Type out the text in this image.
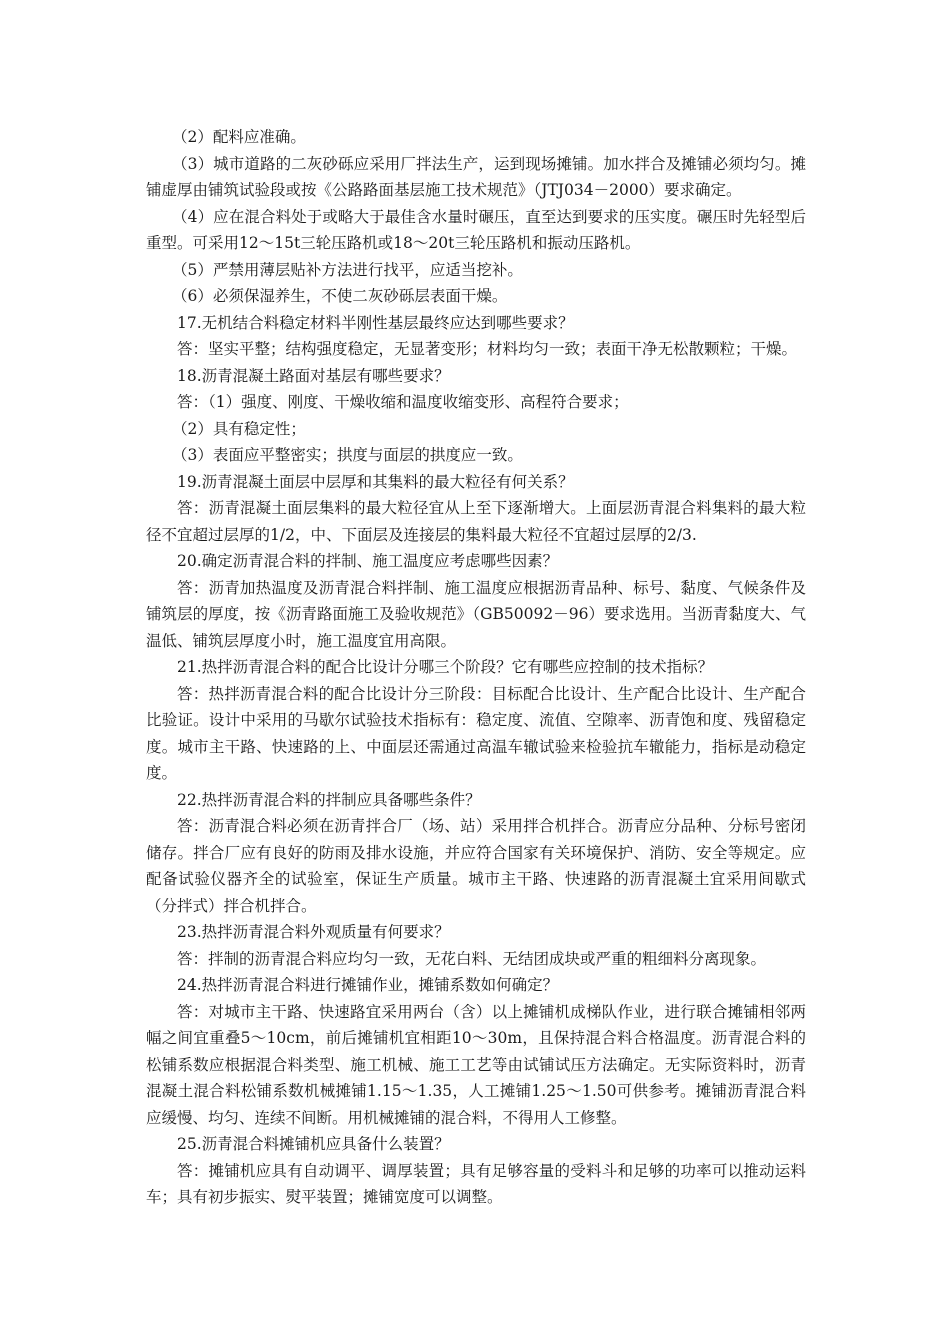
（2）配料应准确。

（3）城市道路的二灰砂砾应采用厂拌法生产，运到现场摊铺。加水拌合及摊铺必须均匀。摊铺虚厚由铺筑试验段或按《公路路面基层施工技术规范》（JTJ034－2000）要求确定。

（4）应在混合料处于或略大于最佳含水量时碾压，直至达到要求的压实度。碾压时先轻型后重型。可采用12～15t三轮压路机或18～20t三轮压路机和振动压路机。

（5）严禁用薄层贴补方法进行找平，应适当挖补。

（6）必须保湿养生，不使二灰砂砾层表面干燥。

17.无机结合料稳定材料半刚性基层最终应达到哪些要求？

答：坚实平整；结构强度稳定，无显著变形；材料均匀一致；表面干净无松散颗粒；干燥。

18.沥青混凝土路面对基层有哪些要求？

答：（1）强度、刚度、干燥收缩和温度收缩变形、高程符合要求；

（2）具有稳定性；

（3）表面应平整密实；拱度与面层的拱度应一致。

19.沥青混凝土面层中层厚和其集料的最大粒径有何关系？

答：沥青混凝土面层集料的最大粒径宜从上至下逐渐增大。上面层沥青混合料集料的最大粒径不宜超过层厚的1/2，中、下面层及连接层的集料最大粒径不宜超过层厚的2/3.

20.确定沥青混合料的拌制、施工温度应考虑哪些因素？

答：沥青加热温度及沥青混合料拌制、施工温度应根据沥青品种、标号、黏度、气候条件及铺筑层的厚度，按《沥青路面施工及验收规范》（GB50092－96）要求选用。当沥青黏度大、气温低、铺筑层厚度小时，施工温度宜用高限。

21.热拌沥青混合料的配合比设计分哪三个阶段？它有哪些应控制的技术指标？

答：热拌沥青混合料的配合比设计分三阶段：目标配合比设计、生产配合比设计、生产配合比验证。设计中采用的马歇尔试验技术指标有：稳定度、流值、空隙率、沥青饱和度、残留稳定度。城市主干路、快速路的上、中面层还需通过高温车辙试验来检验抗车辙能力，指标是动稳定度。

22.热拌沥青混合料的拌制应具备哪些条件？

答：沥青混合料必须在沥青拌合厂（场、站）采用拌合机拌合。沥青应分品种、分标号密闭储存。拌合厂应有良好的防雨及排水设施，并应符合国家有关环境保护、消防、安全等规定。应配备试验仪器齐全的试验室，保证生产质量。城市主干路、快速路的沥青混凝土宜采用间歇式（分拌式）拌合机拌合。

23.热拌沥青混合料外观质量有何要求？

答：拌制的沥青混合料应均匀一致，无花白料、无结团成块或严重的粗细料分离现象。

24.热拌沥青混合料进行摊铺作业，摊铺系数如何确定？

答：对城市主干路、快速路宜采用两台（含）以上摊铺机成梯队作业，进行联合摊铺相邻两幅之间宜重叠5～10cm，前后摊铺机宜相距10～30m，且保持混合料合格温度。沥青混合料的松铺系数应根据混合料类型、施工机械、施工工艺等由试铺试压方法确定。无实际资料时，沥青混凝土混合料松铺系数机械摊铺1.15～1.35，人工摊铺1.25～1.50可供参考。摊铺沥青混合料应缓慢、均匀、连续不间断。用机械摊铺的混合料，不得用人工修整。

25.沥青混合料摊铺机应具备什么装置？

答：摊铺机应具有自动调平、调厚装置；具有足够容量的受料斗和足够的功率可以推动运料车；具有初步振实、熨平装置；摊铺宽度可以调整。
